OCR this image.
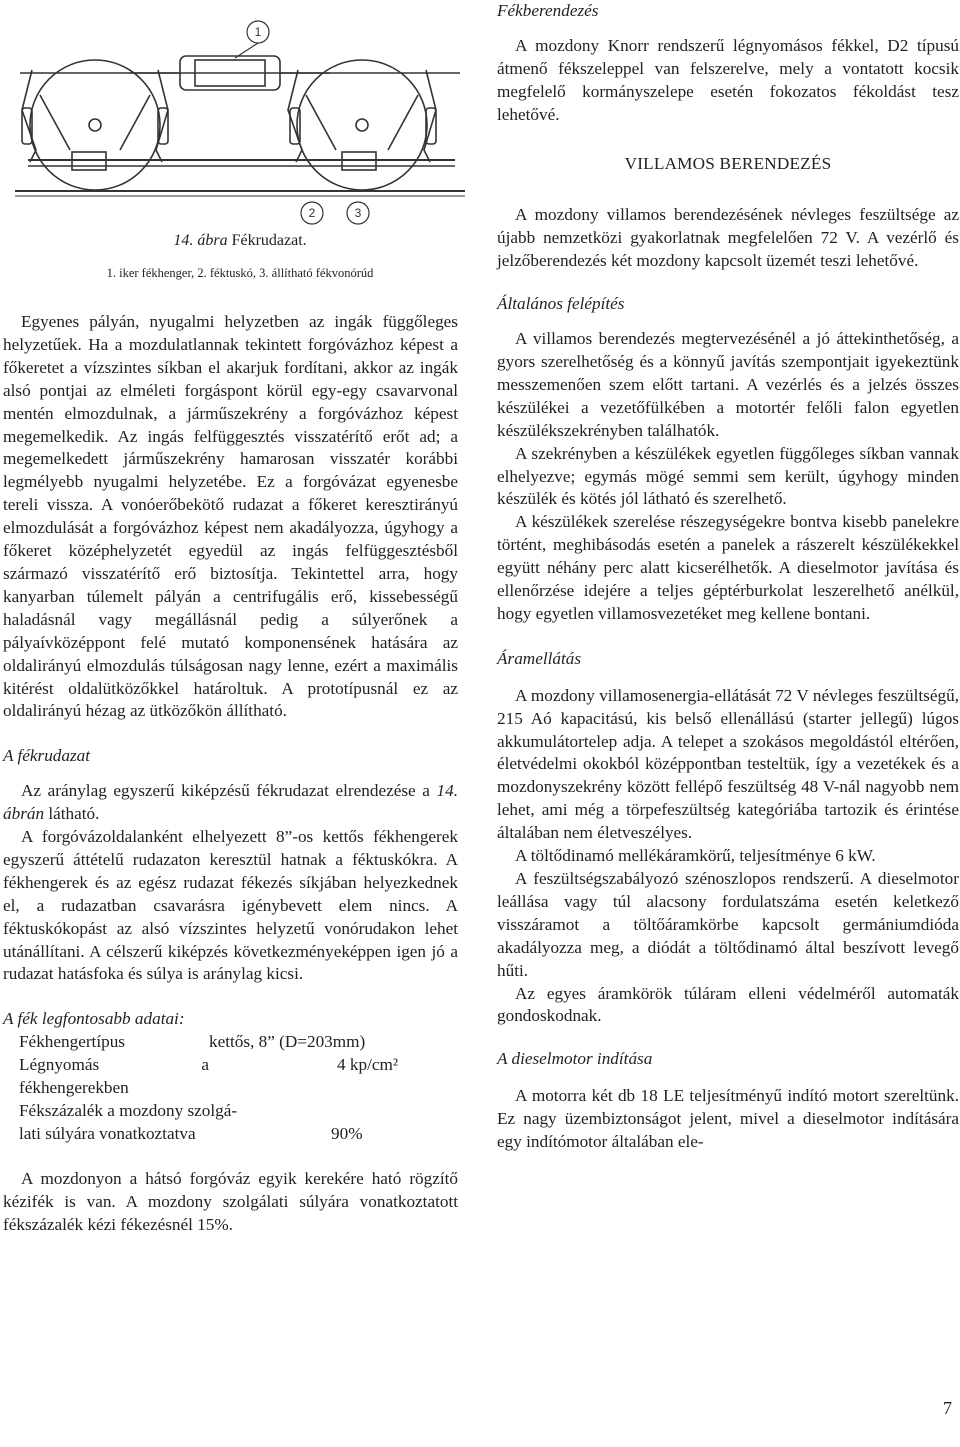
1
2	3
14. ábra Fékrudazat.
1. iker fékhenger, 2. féktuskó, 3. állítható fékvonórúd

Egyenes pályán, nyugalmi helyzetben az ingák függőleges helyzetűek. Ha a mozdulatlannak tekintett forgóvázhoz képest a főkeretet a vízszintes síkban el akarjuk fordítani, akkor az ingák alsó pontjai az elméleti forgáspont körül egy-egy csavarvonal mentén elmozdulnak, a járműszekrény a forgóvázhoz képest megemelkedik. Az ingás felfüggesztés visszatérítő erőt ad; a megemelkedett járműszekrény hamarosan visszatér korábbi legmélyebb nyugalmi helyzetébe. Ez a forgóvázat egyenesbe tereli vissza. A vonóerőbekötő rudazat a főkeret keresztirányú elmozdulását a forgóvázhoz képest nem akadályozza, úgyhogy a főkeret középhelyzetét egyedül az ingás felfüggesztésből származó visszatérítő erő biztosítja. Tekintettel arra, hogy kanyarban túlemelt pályán a centrifugális erő, kissebességű haladásnál vagy megállásnál pedig a súlyerőnek a pályaívközéppont felé mutató komponensének hatására az oldalirányú elmozdulás túlságosan nagy lenne, ezért a maximális kitérést oldalütközőkkel határoltuk. A prototípusnál ez az oldalirányú hézag az ütközőkön állítható.

A fékrudazat

Az aránylag egyszerű kiképzésű fékrudazat elrendezése a 14. ábrán látható.

A forgóvázoldalanként elhelyezett 8”-os kettős fékhengerek egyszerű áttételű rudazaton keresztül hatnak a féktuskókra. A fékhengerek és az egész rudazat fékezés síkjában helyezkednek el, a rudazatban csavarásra igénybevett elem nincs. A féktuskókopást az alsó vízszintes helyzetű vonórudakon lehet utánállítani. A célszerű kiképzés következményeképpen igen jó a rudazat hatásfoka és súlya is aránylag kicsi.

A fék legfontosabb adatai:
Fékhengertípus	kettős, 8” (D=203mm)
Légnyomás a fékhengerekben	4 kp/cm²
Fékszázalék a mozdony szolgá-	
lati súlyára vonatkoztatva	90%

A mozdonyon a hátsó forgóváz egyik kerekére ható rögzítő kézifék is van. A mozdony szolgálati súlyára vonatkoztatott fékszázalék kézi fékezésnél 15%.

Fékberendezés

A mozdony Knorr rendszerű légnyomásos fékkel, D2 típusú átmenő fékszeleppel van felszerelve, mely a vontatott kocsik megfelelő kormányszelepe esetén fokozatos fékoldást tesz lehetővé.

VILLAMOS BERENDEZÉS

A mozdony villamos berendezésének névleges feszültsége az újabb nemzetközi gyakorlatnak megfelelően 72 V. A vezérlő és jelzőberendezés két mozdony kapcsolt üzemét teszi lehetővé.

Általános felépítés

A villamos berendezés megtervezésénél a jó áttekinthetőség, a gyors szerelhetőség és a könnyű javítás szempontjait igyekeztünk messzemenően szem előtt tartani. A vezérlés és a jelzés összes készülékei a vezetőfülkében a motortér felőli falon egyetlen készülékszekrényben találhatók.

A szekrényben a készülékek egyetlen függőleges síkban vannak elhelyezve; egymás mögé semmi sem került, úgyhogy minden készülék és kötés jól látható és szerelhető.

A készülékek szerelése részegységekre bontva kisebb panelekre történt, meghibásodás esetén a panelek a rászerelt készülékekkel együtt néhány perc alatt kicserélhetők. A dieselmotor javítása és ellenőrzése idejére a teljes géptérburkolat leszerelhető anélkül, hogy egyetlen villamosvezetéket meg kellene bontani.

Áramellátás

A mozdony villamosenergia-ellátását 72 V névleges feszültségű, 215 Aó kapacitású, kis belső ellenállású (starter jellegű) lúgos akkumulátortelep adja. A telepet a szokásos megoldástól eltérően, életvédelmi okokból középpontban testeltük, így a vezetékek és a mozdonyszekrény között fellépő feszültség 48 V-nál nagyobb nem lehet, ami még a törpefeszültség kategóriába tartozik és érintése általában nem életveszélyes.

A töltődinamó mellékáramkörű, teljesítménye 6 kW.

A feszültségszabályozó szénoszlopos rendszerű. A dieselmotor leállása vagy túl alacsony fordulatszáma esetén keletkező visszáramot a töltőáramkörbe kapcsolt germániumdióda akadályozza meg, a diódát a töltődinamó által beszívott levegő hűti.

Az egyes áramkörök túláram elleni védelméről automaták gondoskodnak.

A dieselmotor indítása

A motorra két db 18 LE teljesítményű indító motort szereltünk. Ez nagy üzembiztonságot jelent, mivel a dieselmotor indítására egy indítómotor általában ele-

7
